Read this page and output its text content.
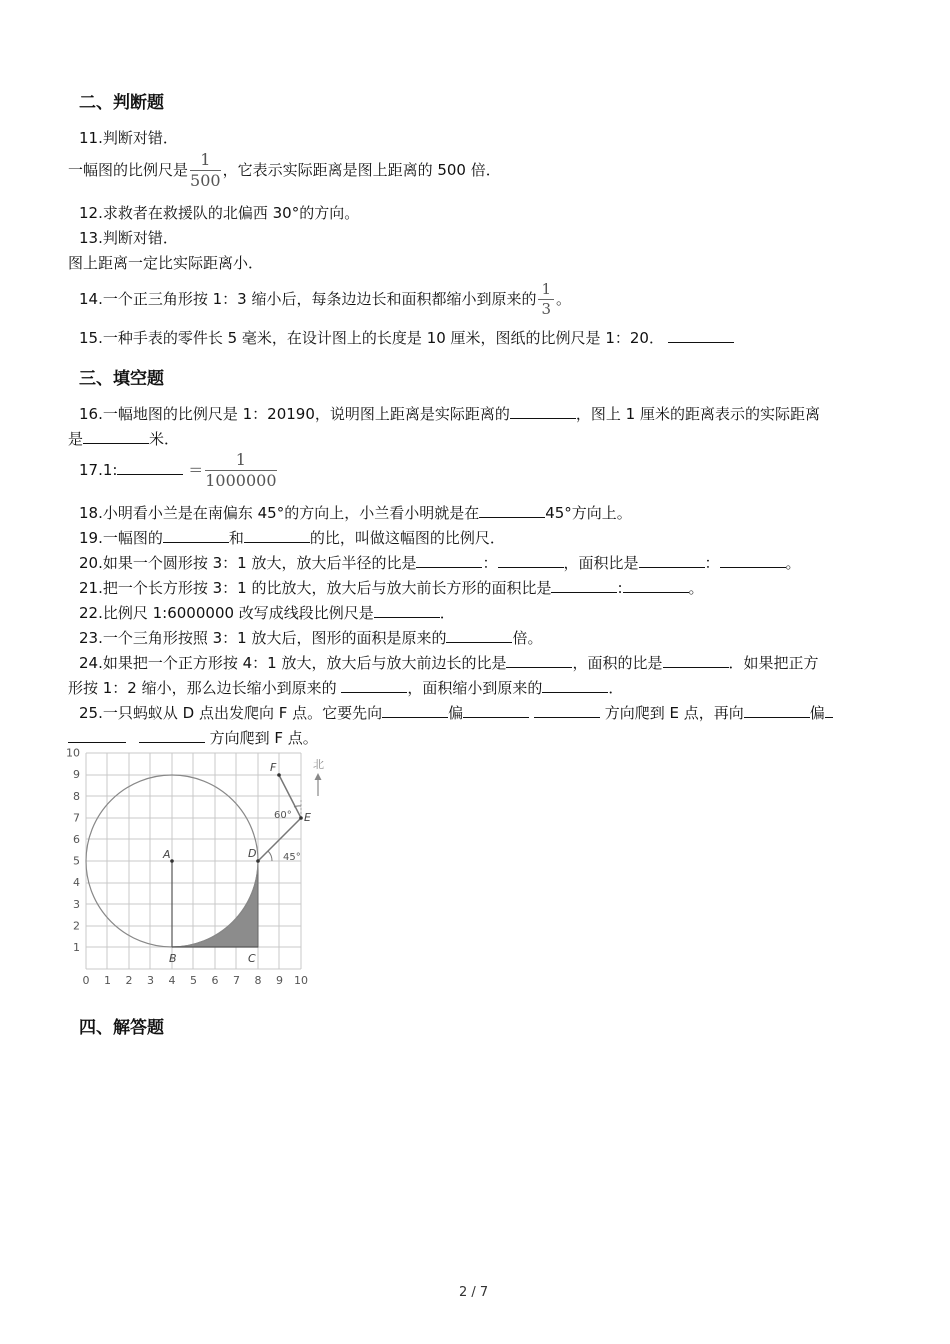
二、判断题
11.判断对错．
一幅图的比例尺是 $\frac{1}{500}$ ，它表示实际距离是图上距离的 500 倍．
12.求救者在救援队的北偏西 30°的方向。
13.判断对错．
图上距离一定比实际距离小．
14.一个正三角形按 1：3 缩小后，每条边边长和面积都缩小到原来的 $\frac{1}{3}$ 。
15.一种手表的零件长 5 毫米，在设计图上的长度是 10 厘米，图纸的比例尺是 1：20．
三、填空题
16.一幅地图的比例尺是 1：20190，说明图上距离是实际距离的	，图上 1 厘米的距离表示的实际距离
是	米．
17.1:	＝ $\frac{1}{1000000}$
18.小明看小兰是在南偏东 45°的方向上，小兰看小明就是在	45°方向上。
19.一幅图的	和	的比，叫做这幅图的比例尺．
20.如果一个圆形按 3：1 放大，放大后半径的比是	：	，面积比是	：	。
21.把一个长方形按 3：1 的比放大，放大后与放大前长方形的面积比是	:	。
22.比例尺 1:6000000 改写成线段比例尺是	．
23.一个三角形按照 3：1 放大后，图形的面积是原来的	倍。
24.如果把一个正方形按 4：1 放大，放大后与放大前边长的比是	，面积的比是	．如果把正方
形按 1：2 缩小，那么边长缩小到原来的	，面积缩小到原来的	．
25.一只蚂蚁从 D 点出发爬向 F 点。它要先向	偏	方向爬到 E 点，再向	偏
方向爬到 F 点。
A
B	C
D
E
F
60°
45°
北
0 1 2 3 4 5 6 7 8 9 10
1
2
3
4
5
6
7
8
9
10
四、解答题
2 / 7
